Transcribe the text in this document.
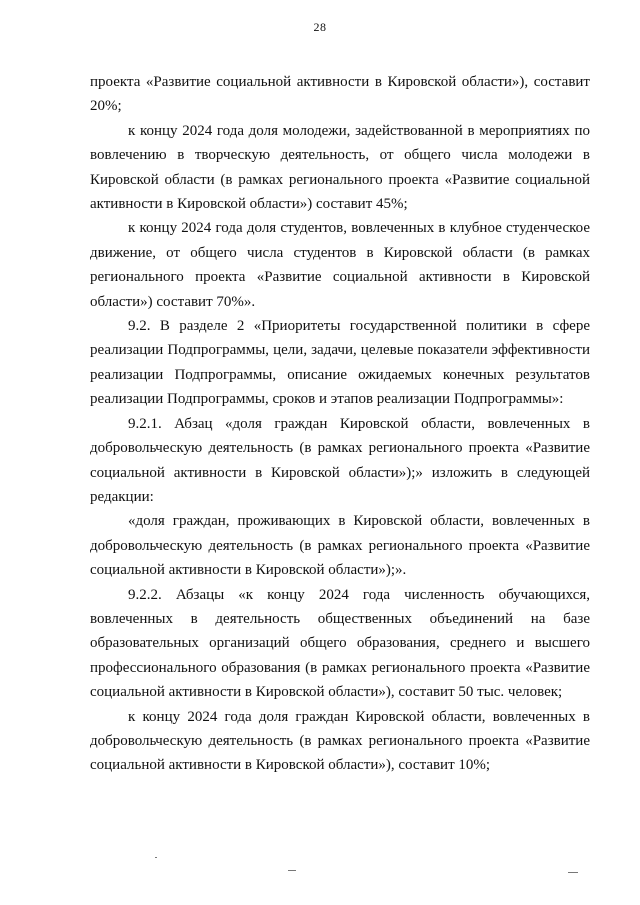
28

проекта «Развитие социальной активности в Кировской области»), составит 20%;

к концу 2024 года доля молодежи, задействованной в мероприятиях по вовлечению в творческую деятельность, от общего числа молодежи в Кировской области (в рамках регионального проекта «Развитие социальной активности в Кировской области») составит 45%;

к концу 2024 года доля студентов, вовлеченных в клубное студенческое движение, от общего числа студентов в Кировской области (в рамках регионального проекта «Развитие социальной активности в Кировской области») составит 70%».

9.2. В разделе 2 «Приоритеты государственной политики в сфере реализации Подпрограммы, цели, задачи, целевые показатели эффективности реализации Подпрограммы, описание ожидаемых конечных результатов реализации Подпрограммы, сроков и этапов реализации Подпрограммы»:

9.2.1. Абзац «доля граждан Кировской области, вовлеченных в добровольческую деятельность (в рамках регионального проекта «Развитие социальной активности в Кировской области»);» изложить в следующей редакции:

«доля граждан, проживающих в Кировской области, вовлеченных в добровольческую деятельность (в рамках регионального проекта «Развитие социальной активности в Кировской области»);».

9.2.2. Абзацы «к концу 2024 года численность обучающихся, вовлеченных в деятельность общественных объединений на базе образовательных организаций общего образования, среднего и высшего профессионального образования (в рамках регионального проекта «Развитие социальной активности в Кировской области»), составит 50 тыс. человек;

к концу 2024 года доля граждан Кировской области, вовлеченных в добровольческую деятельность (в рамках регионального проекта «Развитие социальной активности в Кировской области»), составит 10%;
